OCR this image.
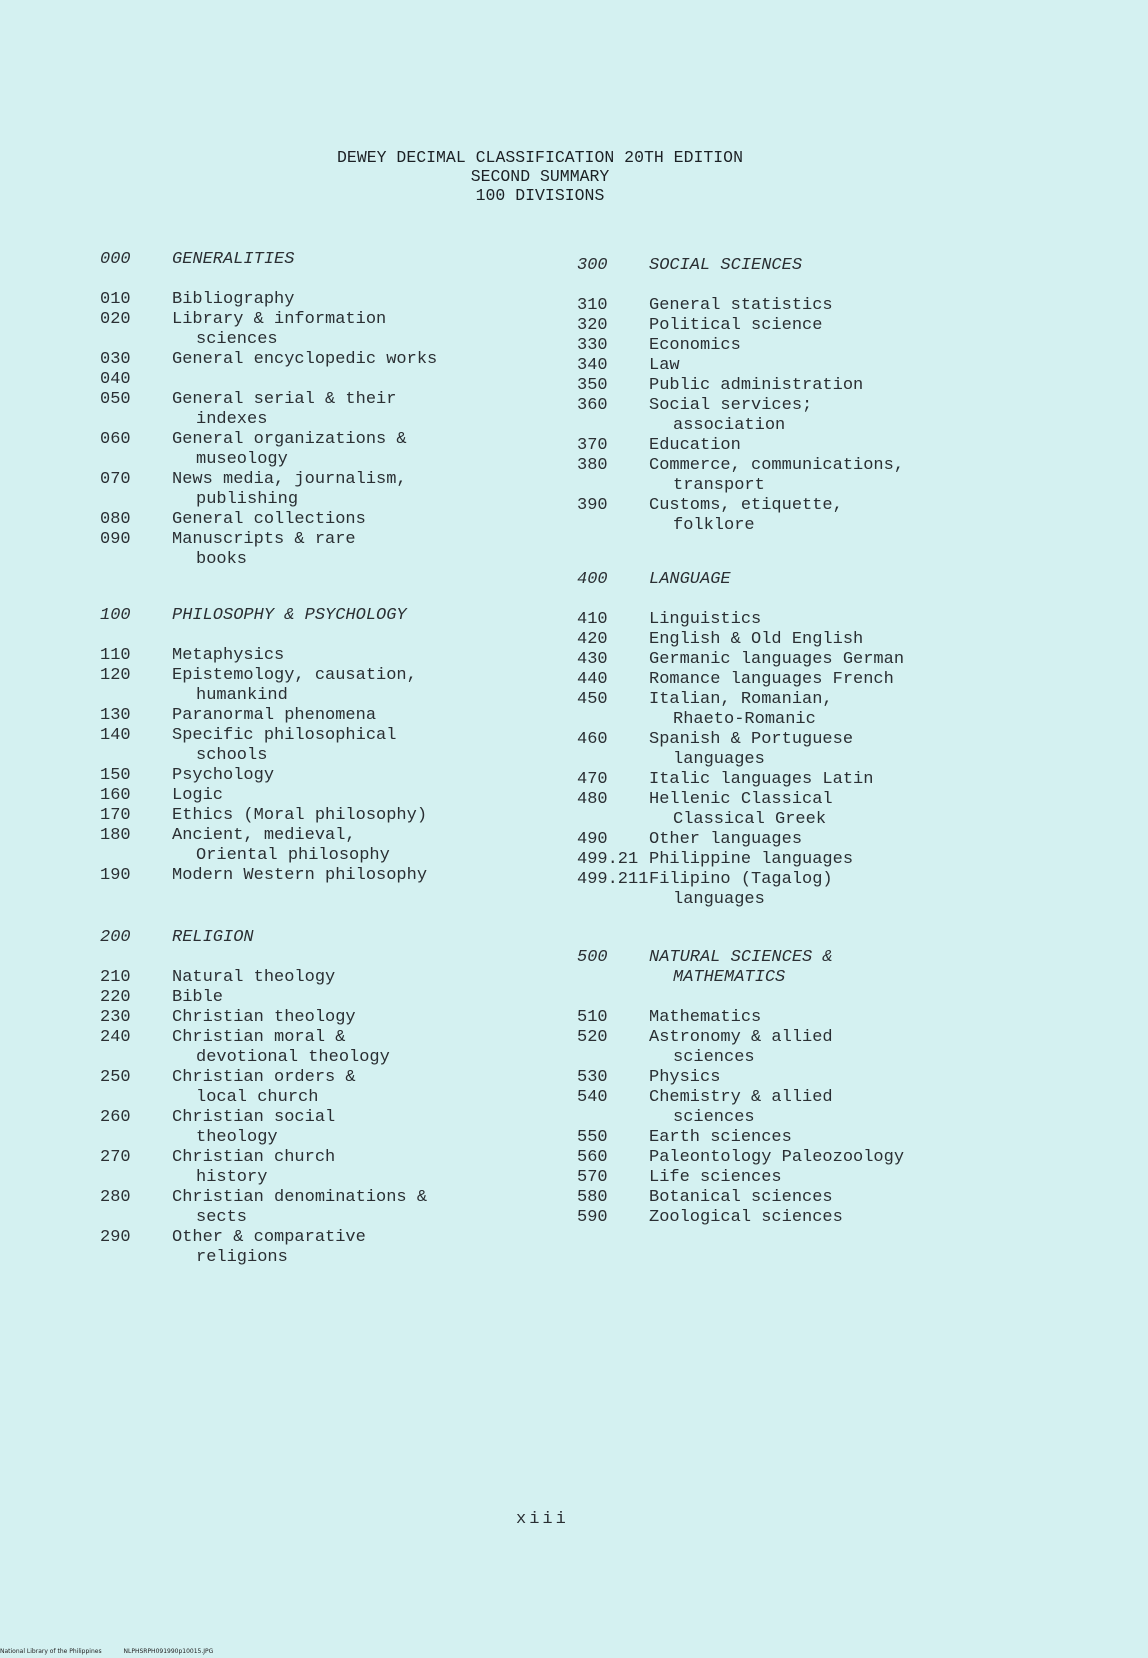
DEWEY DECIMAL CLASSIFICATION 20TH EDITION
SECOND SUMMARY
100 DIVISIONS
000	GENERALITIES
010	Bibliography
020	Library & information
sciences
030	General encyclopedic works
040

050	General serial & their
indexes
060	General organizations &
museology
070	News media, journalism,
publishing
080	General collections
090	Manuscripts & rare
books
100	PHILOSOPHY & PSYCHOLOGY
110	Metaphysics
120	Epistemology, causation,
humankind
130	Paranormal phenomena
140	Specific philosophical
schools
150	Psychology
160	Logic
170	Ethics (Moral philosophy)
180	Ancient, medieval,
Oriental philosophy
190	Modern Western philosophy
200	RELIGION
210	Natural theology
220	Bible
230	Christian theology
240	Christian moral &
devotional theology
250	Christian orders &
local church
260	Christian social
theology
270	Christian church
history
280	Christian denominations &
sects
290	Other & comparative
religions
300	SOCIAL SCIENCES
310	General statistics
320	Political science
330	Economics
340	Law
350	Public administration
360	Social services;
association
370	Education
380	Commerce, communications,
transport
390	Customs, etiquette,
folklore
400	LANGUAGE
410	Linguistics
420	English & Old English
430	Germanic languages German
440	Romance languages French
450	Italian, Romanian,
Rhaeto-Romanic
460	Spanish & Portuguese
languages
470	Italic languages Latin
480	Hellenic Classical
Classical Greek
490	Other languages
499.21 Philippine languages
499.211 Filipino (Tagalog)
languages
500	NATURAL SCIENCES &
MATHEMATICS
510	Mathematics
520	Astronomy & allied
sciences
530	Physics
540	Chemistry & allied
sciences
550	Earth sciences
560	Paleontology Paleozoology
570	Life sciences
580	Botanical sciences
590	Zoological sciences
xiii
National Library of the Philippines	NLPHSRPH091990p10015.JPG
